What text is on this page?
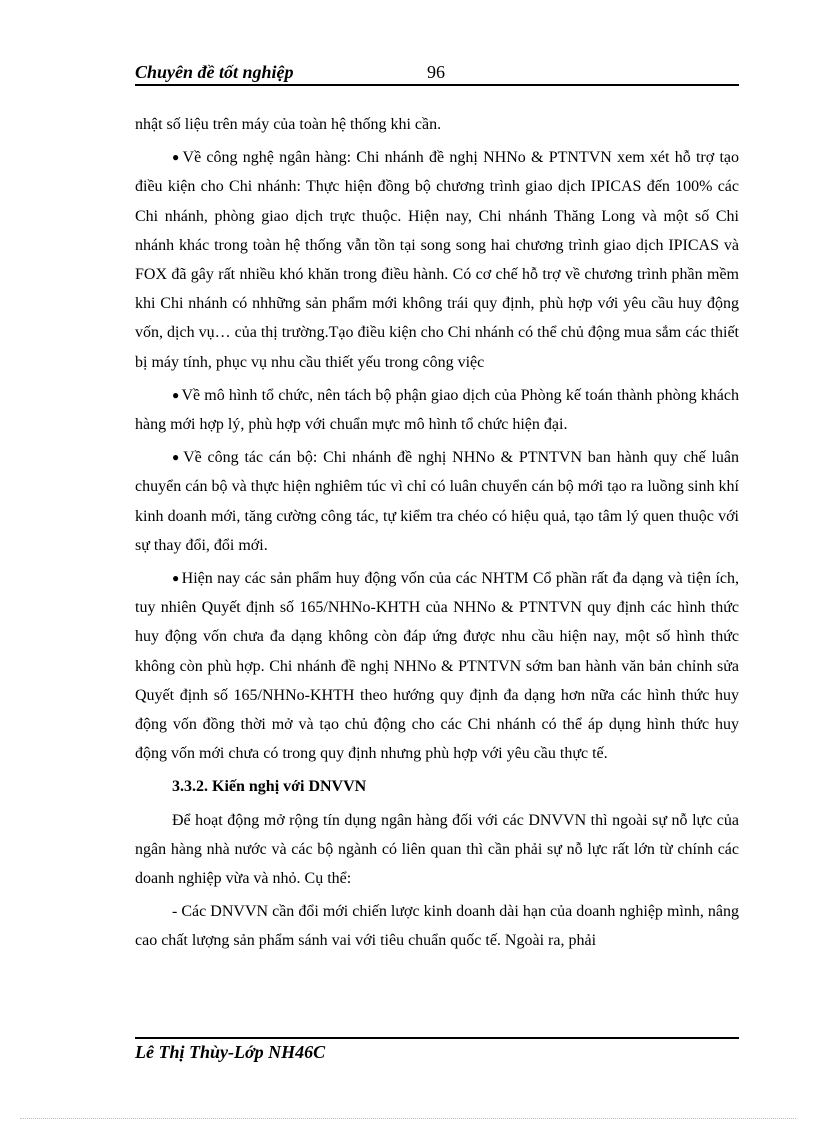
Chuyên đề tốt nghiệp	96

nhật số liệu trên máy của toàn hệ thống khi cần.

● Về công nghệ ngân hàng: Chi nhánh đề nghị NHNo & PTNTVN xem xét hỗ trợ tạo điều kiện cho Chi nhánh: Thực hiện đồng bộ chương trình giao dịch IPICAS đến 100% các Chi nhánh, phòng giao dịch trực thuộc. Hiện nay, Chi nhánh Thăng Long và một số Chi nhánh khác trong toàn hệ thống vẫn tồn tại song song hai chương trình giao dịch IPICAS và FOX đã gây rất nhiều khó khăn trong điều hành. Có cơ chế hỗ trợ về chương trình phần mềm khi Chi nhánh có nhhững sản phẩm mới không trái quy định, phù hợp với yêu cầu huy động vốn, dịch vụ… của thị trường.Tạo điều kiện cho Chi nhánh có thể chủ động mua sắm các thiết bị máy tính, phục vụ nhu cầu thiết yếu trong công việc

● Về mô hình tổ chức, nên tách bộ phận giao dịch của Phòng kế toán thành phòng khách hàng mới hợp lý, phù hợp với chuẩn mực mô hình tổ chức hiện đại.

● Về công tác cán bộ: Chi nhánh đề nghị NHNo & PTNTVN ban hành quy chế luân chuyển cán bộ và thực hiện nghiêm túc vì chỉ có luân chuyển cán bộ mới tạo ra luồng sinh khí kinh doanh mới, tăng cường công tác, tự kiểm tra chéo có hiệu quả, tạo tâm lý quen thuộc với sự thay đổi, đổi mới.

● Hiện nay các sản phẩm huy động vốn của các NHTM Cổ phần rất đa dạng và tiện ích, tuy nhiên Quyết định số 165/NHNo-KHTH của NHNo & PTNTVN quy định các hình thức huy động vốn chưa đa dạng không còn đáp ứng được nhu cầu hiện nay, một số hình thức không còn phù hợp. Chi nhánh đề nghị NHNo & PTNTVN sớm ban hành văn bản chỉnh sửa Quyết định số 165/NHNo-KHTH theo hướng quy định đa dạng hơn nữa các hình thức huy động vốn đồng thời mở và tạo chủ động cho các Chi nhánh có thể áp dụng hình thức huy động vốn mới chưa có trong quy định nhưng phù hợp với yêu cầu thực tế.

3.3.2. Kiến nghị với DNVVN

Để hoạt động mở rộng tín dụng ngân hàng đối với các DNVVN thì ngoài sự nỗ lực của ngân hàng nhà nước và các bộ ngành có liên quan thì cần phải sự nỗ lực rất lớn từ chính các doanh nghiệp vừa và nhỏ. Cụ thể:

- Các DNVVN cần đổi mới chiến lược kinh doanh dài hạn của doanh nghiệp mình, nâng cao chất lượng sản phẩm sánh vai với tiêu chuẩn quốc tế. Ngoài ra, phải

Lê Thị Thùy-Lớp NH46C
